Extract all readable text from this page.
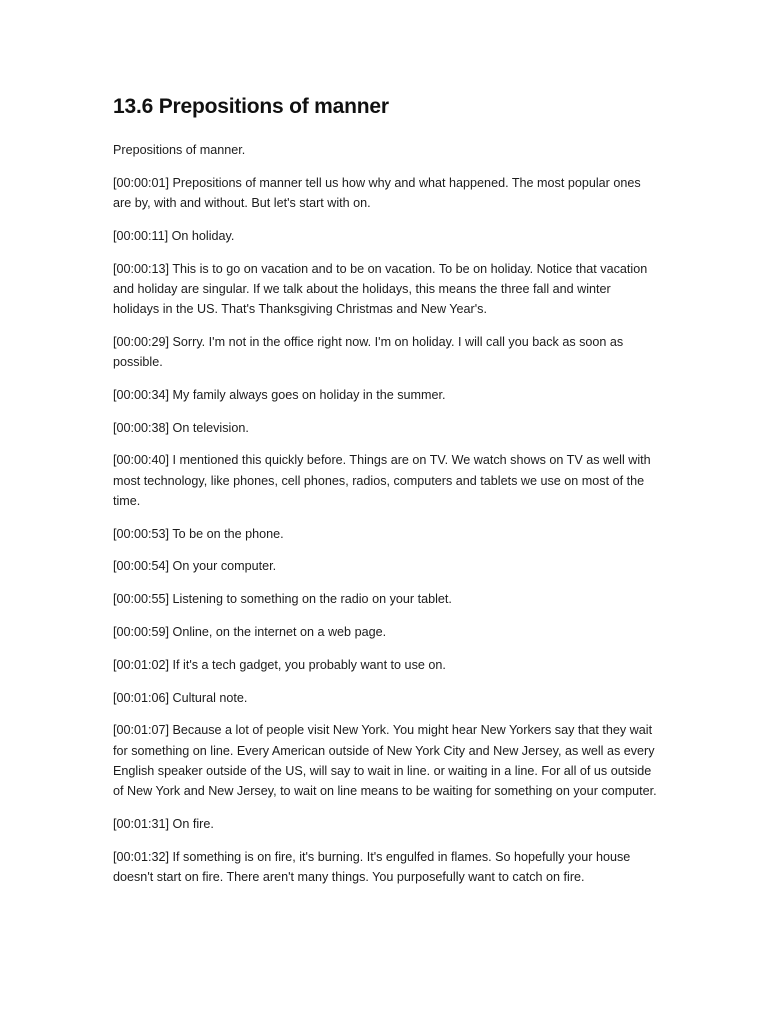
13.6 Prepositions of manner

Prepositions of manner.

[00:00:01] Prepositions of manner tell us how why and what happened. The most popular ones are by, with and without. But let's start with on.

[00:00:11] On holiday.

[00:00:13] This is to go on vacation and to be on vacation. To be on holiday. Notice that vacation and holiday are singular. If we talk about the holidays, this means the three fall and winter holidays in the US. That's Thanksgiving Christmas and New Year's.

[00:00:29] Sorry. I'm not in the office right now. I'm on holiday. I will call you back as soon as possible.

[00:00:34] My family always goes on holiday in the summer.

[00:00:38] On television.

[00:00:40] I mentioned this quickly before. Things are on TV. We watch shows on TV as well with most technology, like phones, cell phones, radios, computers and tablets we use on most of the time.

[00:00:53] To be on the phone.

[00:00:54] On your computer.

[00:00:55] Listening to something on the radio on your tablet.

[00:00:59] Online, on the internet on a web page.

[00:01:02] If it's a tech gadget, you probably want to use on.

[00:01:06] Cultural note.

[00:01:07] Because a lot of people visit New York. You might hear New Yorkers say that they wait for something on line. Every American outside of New York City and New Jersey, as well as every English speaker outside of the US, will say to wait in line. or waiting in a line. For all of us outside of New York and New Jersey, to wait on line means to be waiting for something on your computer.

[00:01:31] On fire.

[00:01:32] If something is on fire, it's burning. It's engulfed in flames. So hopefully your house doesn't start on fire. There aren't many things. You purposefully want to catch on fire.
